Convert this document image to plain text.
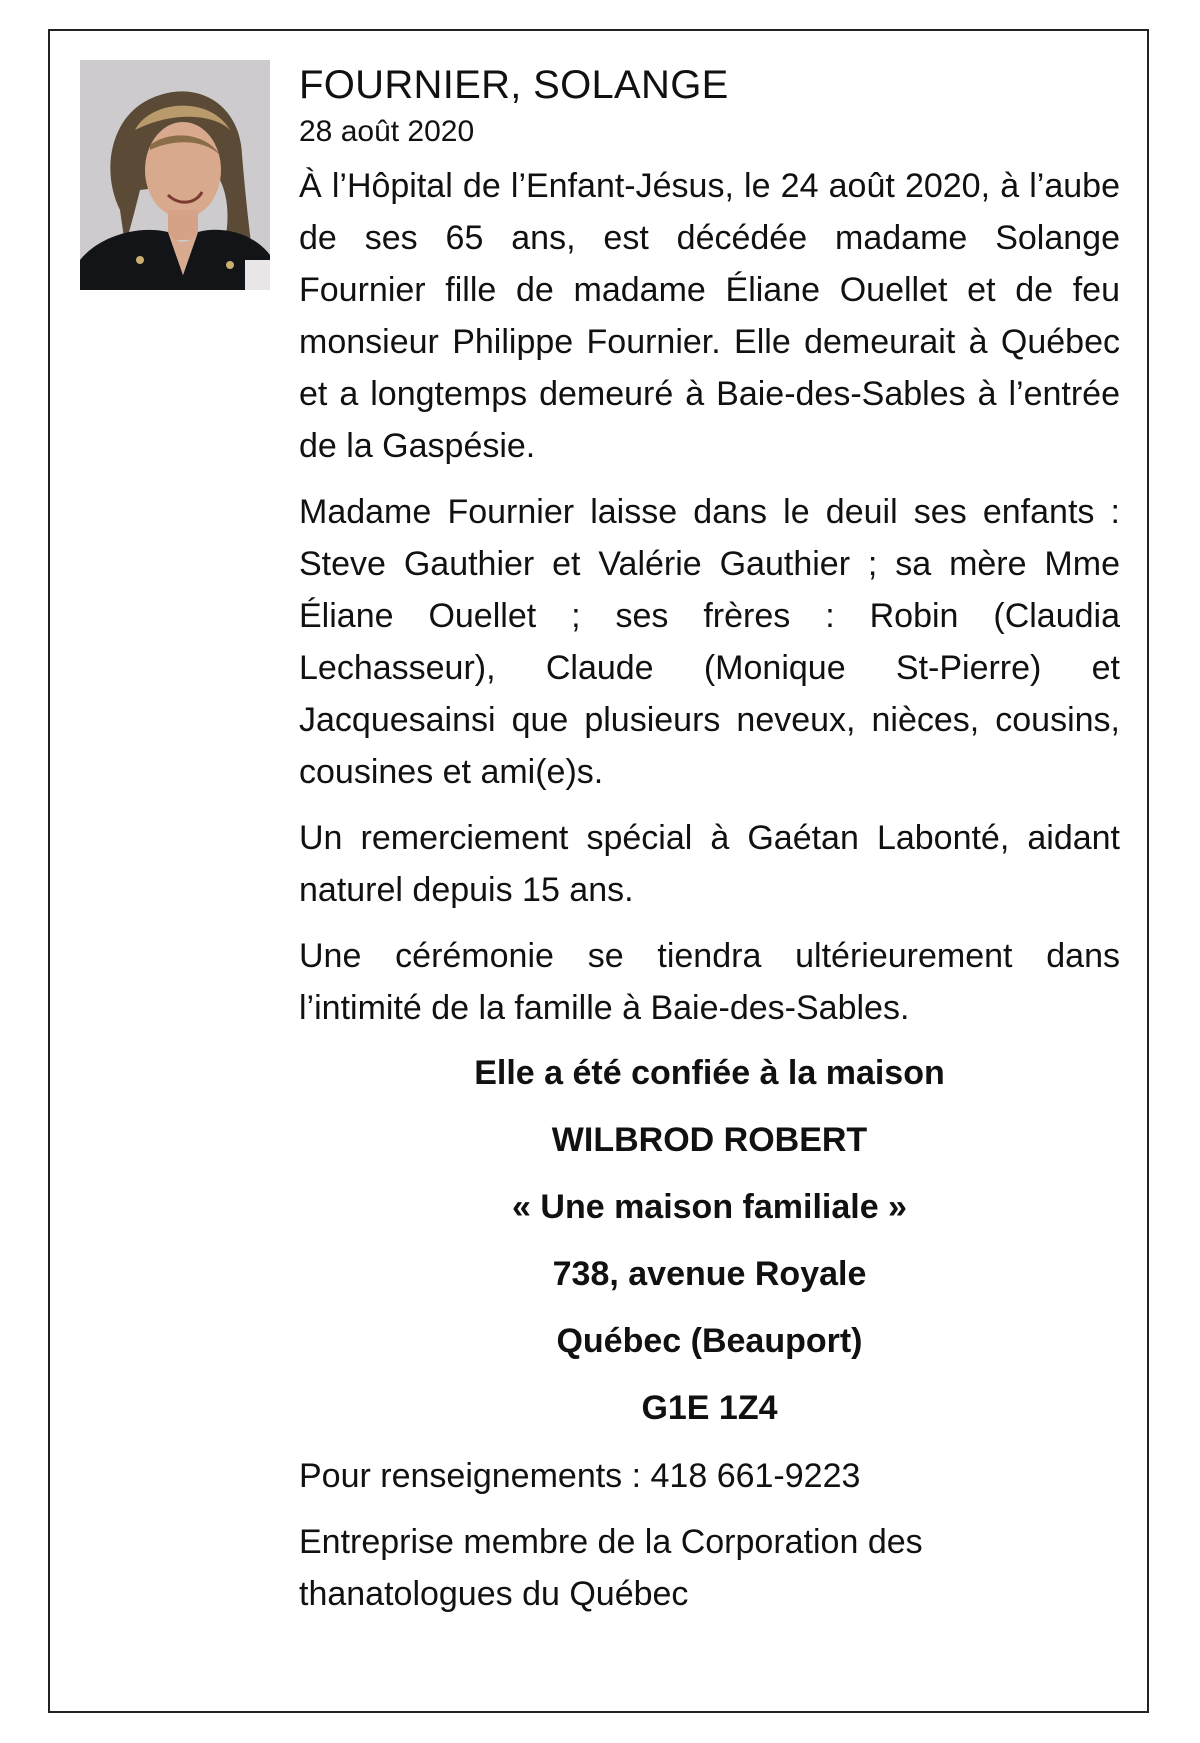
FOURNIER, SOLANGE
28 août 2020

À l’Hôpital de l’Enfant-Jésus, le 24 août 2020, à l’aube de ses 65 ans, est décédée madame Solange Fournier fille de madame Éliane Ouellet et de feu monsieur Philippe Fournier. Elle demeurait à Québec et a longtemps demeuré à Baie-des-Sables à l’entrée de la Gaspésie.

Madame Fournier laisse dans le deuil ses enfants : Steve Gauthier et Valérie Gauthier ; sa mère Mme Éliane Ouellet ; ses frères : Robin (Claudia Lechasseur), Claude (Monique St-Pierre) et Jacquesainsi que plusieurs neveux, nièces, cousins, cousines et ami(e)s.

Un remerciement spécial à Gaétan Labonté, aidant naturel depuis 15 ans.

Une cérémonie se tiendra ultérieurement dans l’intimité de la famille à Baie-des-Sables.

Elle a été confiée à la maison

WILBROD ROBERT

« Une maison familiale »

738, avenue Royale

Québec (Beauport)

G1E 1Z4

Pour renseignements : 418 661-9223

Entreprise membre de la Corporation des thanatologues du Québec
